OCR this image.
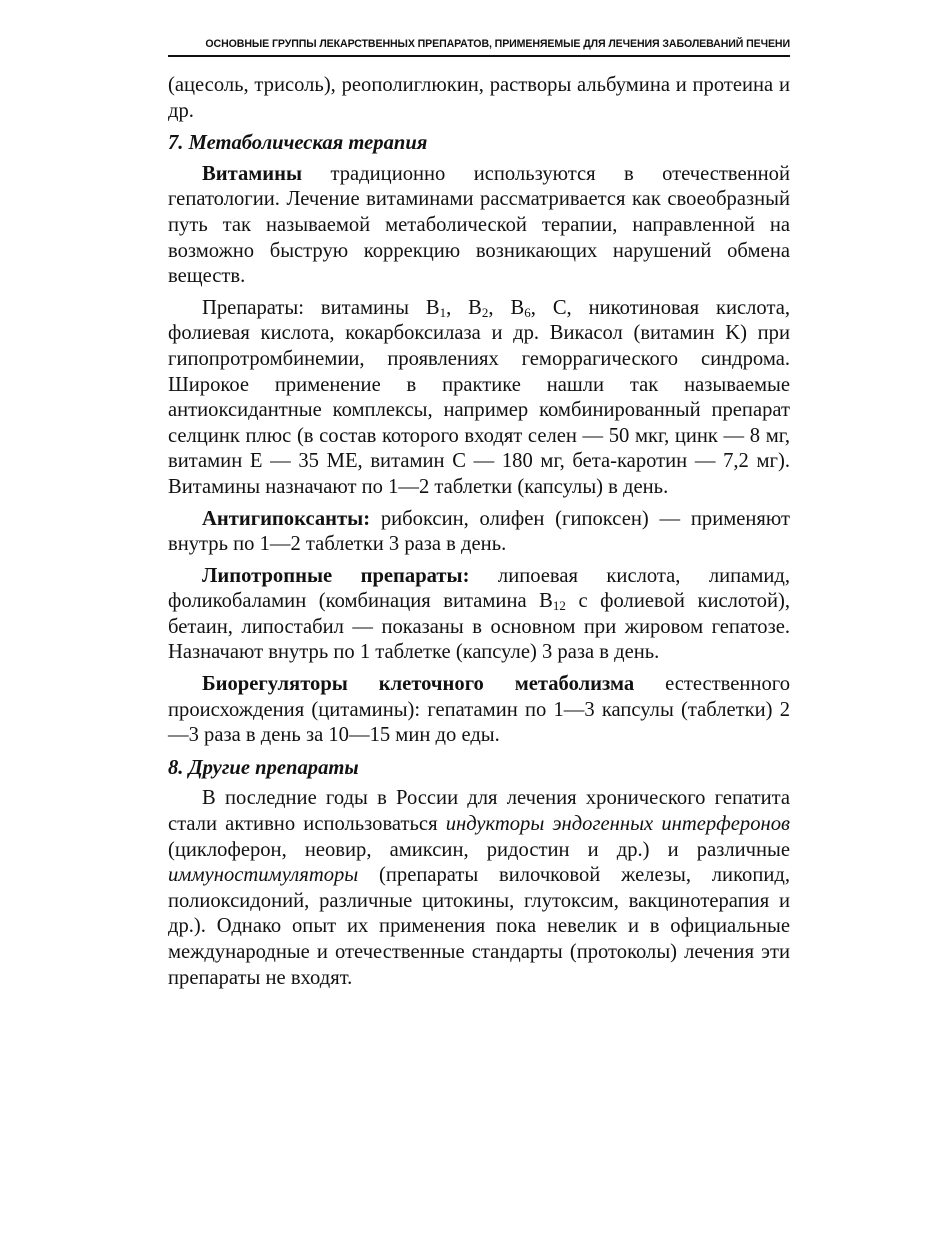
ОСНОВНЫЕ ГРУППЫ ЛЕКАРСТВЕННЫХ ПРЕПАРАТОВ, ПРИМЕНЯЕМЫЕ ДЛЯ ЛЕЧЕНИЯ ЗАБОЛЕВАНИЙ ПЕЧЕНИ

(ацесоль, трисоль), реополиглюкин, растворы альбумина и протеина и др.

7. Метаболическая терапия

Витамины традиционно используются в отечественной гепатологии. Лечение витаминами рассматривается как своеобразный путь так называемой метаболической терапии, направленной на возможно быструю коррекцию возникающих нарушений обмена веществ.

Препараты: витамины $B_1$, $B_2$, $B_6$, C, никотиновая кислота, фолиевая кислота, кокарбоксилаза и др. Викасол (витамин K) при гипопротромбинемии, проявлениях геморрагического синдрома. Широкое применение в практике нашли так называемые антиоксидантные комплексы, например комбинированный препарат селцинк плюс (в состав которого входят селен — 50 мкг, цинк — 8 мг, витамин E — 35 МЕ, витамин C — 180 мг, бета-каротин — 7,2 мг). Витамины назначают по 1—2 таблетки (капсулы) в день.

Антигипоксанты: рибоксин, олифен (гипоксен) — применяют внутрь по 1—2 таблетки 3 раза в день.

Липотропные препараты: липоевая кислота, липамид, фоликобаламин (комбинация витамина $B_{12}$ с фолиевой кислотой), бетаин, липостабил — показаны в основном при жировом гепатозе. Назначают внутрь по 1 таблетке (капсуле) 3 раза в день.

Биорегуляторы клеточного метаболизма естественного происхождения (цитамины): гепатамин по 1—3 капсулы (таблетки) 2—3 раза в день за 10—15 мин до еды.

8. Другие препараты

В последние годы в России для лечения хронического гепатита стали активно использоваться индукторы эндогенных интерферонов (циклоферон, неовир, амиксин, ридостин и др.) и различные иммуностимуляторы (препараты вилочковой железы, ликопид, полиоксидоний, различные цитокины, глутоксим, вакцинотерапия и др.). Однако опыт их применения пока невелик и в официальные международные и отечественные стандарты (протоколы) лечения эти препараты не входят.
